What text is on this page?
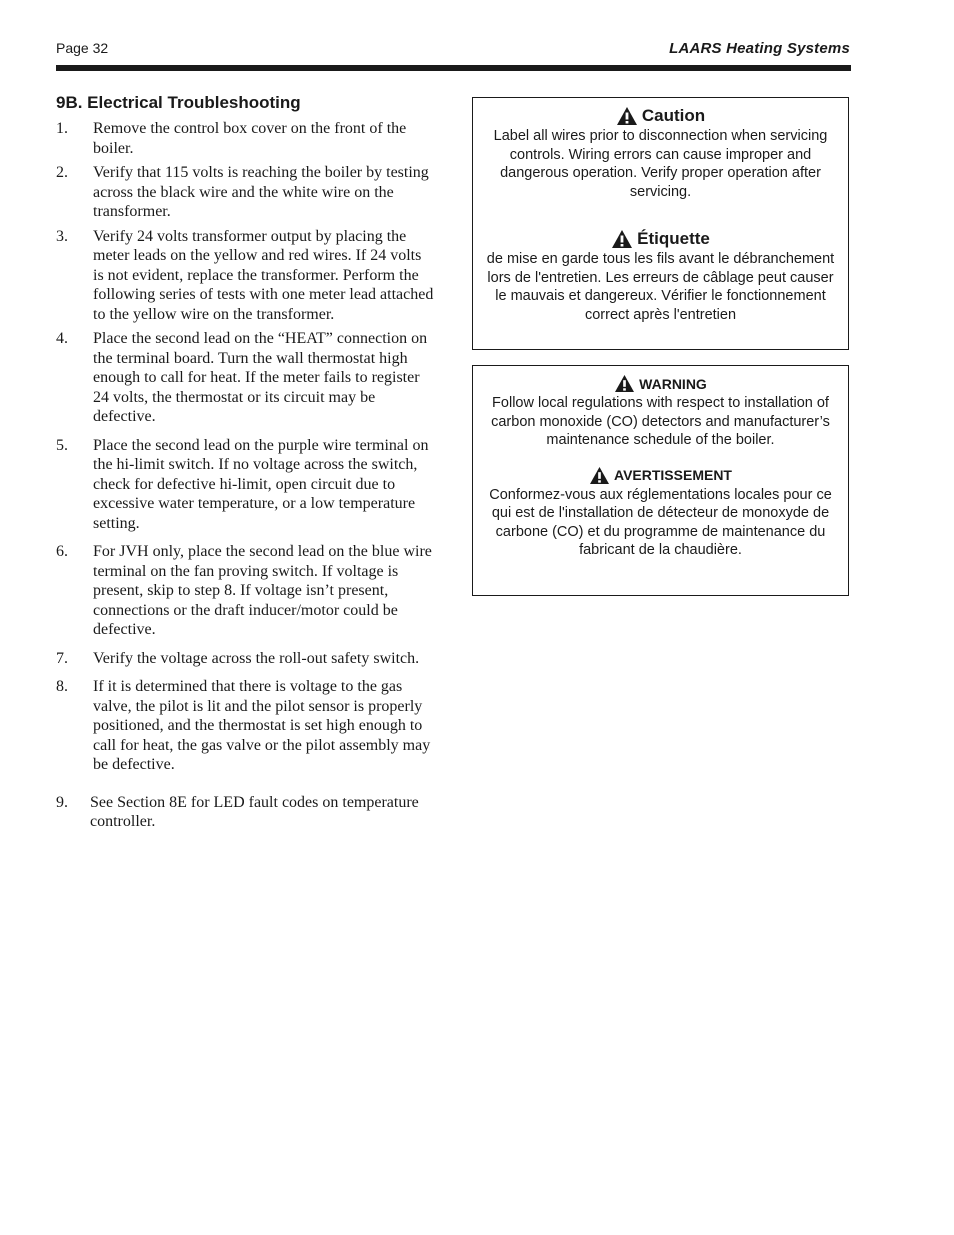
Page 32	LAARS Heating Systems
9B. Electrical Troubleshooting
1.	Remove the control box cover on the front of the boiler.
2.	Verify that 115 volts is reaching the boiler by testing across the black wire and the white wire on the transformer.
3.	Verify 24 volts transformer output by placing the meter leads on the yellow and red wires. If 24 volts is not evident, replace the transformer. Perform the following series of tests with one meter lead attached to the yellow wire on the transformer.
4.	Place the second lead on the “HEAT” connection on the terminal board. Turn the wall thermostat high enough to call for heat. If the meter fails to register 24 volts, the thermostat or its circuit may be defective.
5.	Place the second lead on the purple wire terminal on the hi-limit switch. If no voltage across the switch, check for defective hi-limit, open circuit due to excessive water temperature, or a low temperature setting.
6.	For JVH only, place the second lead on the blue wire terminal on the fan proving switch. If voltage is present, skip to step 8. If voltage isn’t present, connections or the draft inducer/motor could be defective.
7.	Verify the voltage across the roll-out safety switch.
8.	If it is determined that there is voltage to the gas valve, the pilot is lit and the pilot sensor is properly positioned, and the thermostat is set high enough to call for heat, the gas valve or the pilot assembly may be defective.
9.	See Section 8E for LED fault codes on temperature controller.
Caution
Label all wires prior to disconnection when servicing controls. Wiring errors can cause improper and dangerous operation. Verify proper operation after servicing.
Étiquette
de mise en garde tous les fils avant le débranchement lors de l'entretien. Les erreurs de câblage peut causer le mauvais et dangereux. Vérifier le fonctionnement correct après l'entretien
WARNING
Follow local regulations with respect to installation of carbon monoxide (CO) detectors and manufacturer’s maintenance schedule of the boiler.
AVERTISSEMENT
Conformez-vous aux réglementations locales pour ce qui est de l'installation de détecteur de monoxyde de carbone (CO) et du programme de maintenance du fabricant de la chaudière.
